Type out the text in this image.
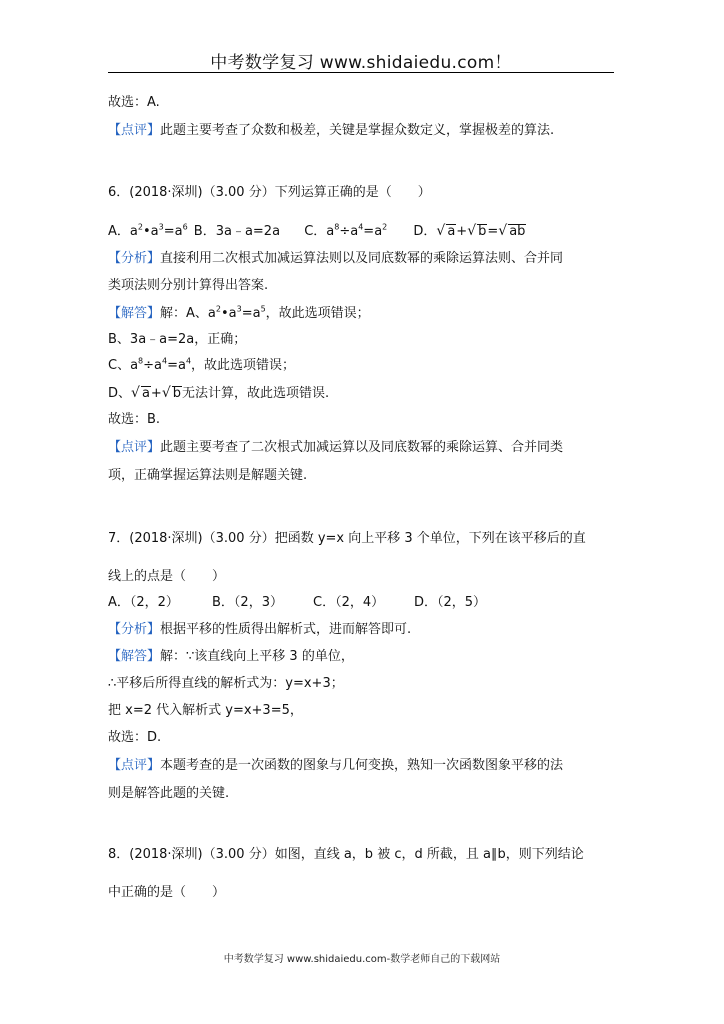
中考数学复习 www.shidaiedu.com！
故选：A.
【点评】此题主要考查了众数和极差，关键是掌握众数定义，掌握极差的算法.
6．(2018·深圳)（3.00 分）下列运算正确的是（　　）
A．$a^2•a^3=a^6$ B．3a﹣a=2a C．$a^8\div a^4=a^2$ D．√ a+√ b=√ ab
【分析】直接利用二次根式加减运算法则以及同底数幂的乘除运算法则、合并同
类项法则分别计算得出答案.
【解答】解：A、$a^2•a^3=a^5$，故此选项错误；
B、3a﹣a=2a，正确；
C、$a^8\div a^4=a^4$，故此选项错误；
D、√ a+√ b无法计算，故此选项错误.
故选：B.
【点评】此题主要考查了二次根式加减运算以及同底数幂的乘除运算、合并同类
项，正确掌握运算法则是解题关键.
7．(2018·深圳)（3.00 分）把函数 y=x 向上平移 3 个单位，下列在该平移后的直
线上的点是（　　）
A．（2，2）	B．（2，3） C．（2，4） D．（2，5）
【分析】根据平移的性质得出解析式，进而解答即可.
【解答】解：∵该直线向上平移 3 的单位，
∴平移后所得直线的解析式为：y=x+3；
把 x=2 代入解析式 y=x+3=5，
故选：D.
【点评】本题考查的是一次函数的图象与几何变换，熟知一次函数图象平移的法
则是解答此题的关键.
8．(2018·深圳)（3.00 分）如图，直线 a，b 被 c，d 所截，且 a∥b，则下列结论
中正确的是（　　）
中考数学复习 www.shidaiedu.com-数学老师自己的下载网站
